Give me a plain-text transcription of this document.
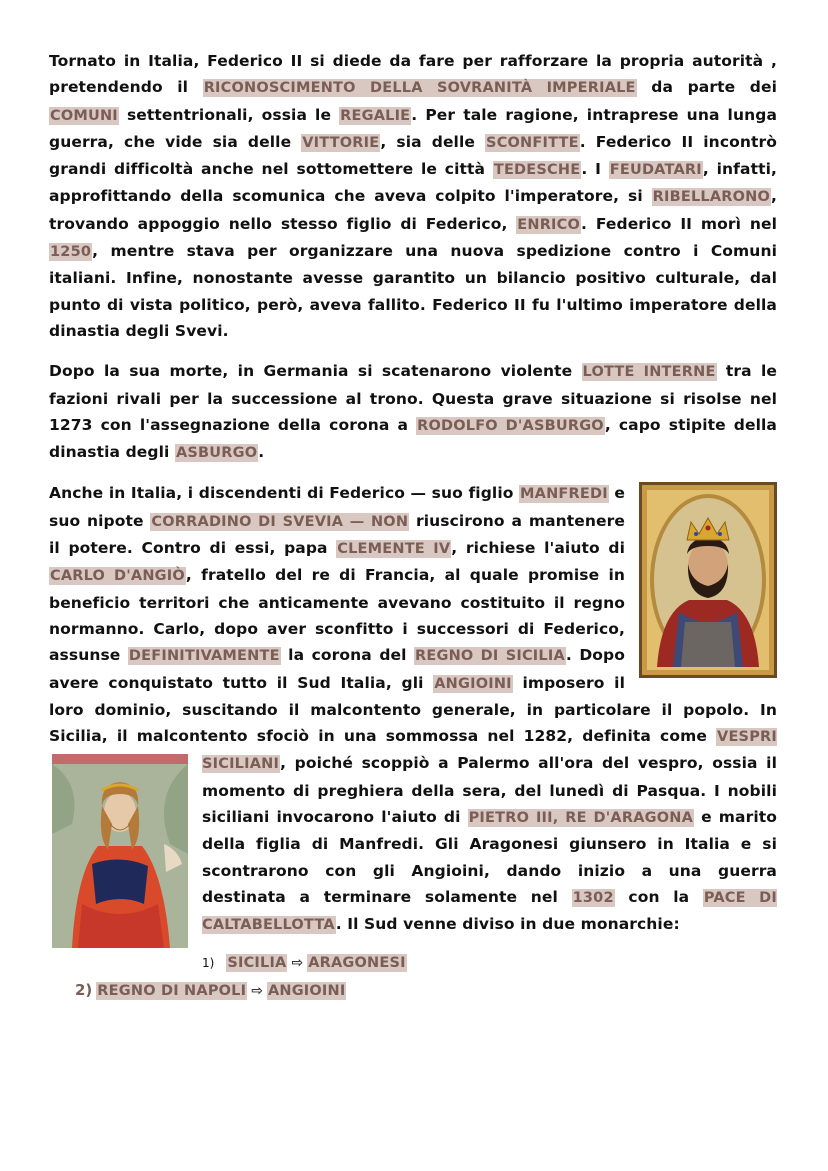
Tornato in Italia, Federico II si diede da fare per rafforzare la propria autorità , pretendendo il RICONOSCIMENTO DELLA SOVRANITÀ IMPERIALE da parte dei COMUNI settentrionali, ossia le REGALIE. Per tale ragione, intraprese una lunga guerra, che vide sia delle VITTORIE, sia delle SCONFITTE. Federico II incontrò grandi difficoltà anche nel sottomettere le città TEDESCHE. I FEUDATARI, infatti, approfittando della scomunica che aveva colpito l'imperatore, si RIBELLARONO, trovando appoggio nello stesso figlio di Federico, ENRICO. Federico II morì nel 1250, mentre stava per organizzare una nuova spedizione contro i Comuni italiani. Infine, nonostante avesse garantito un bilancio positivo culturale, dal punto di vista politico, però, aveva fallito. Federico II fu l'ultimo imperatore della dinastia degli Svevi.

Dopo la sua morte, in Germania si scatenarono violente LOTTE INTERNE tra le fazioni rivali per la successione al trono. Questa grave situazione si risolse nel 1273 con l'assegnazione della corona a RODOLFO D'ASBURGO, capo stipite della dinastia degli ASBURGO.

Anche in Italia, i discendenti di Federico — suo figlio MANFREDI e suo nipote CORRADINO DI SVEVIA — NON riuscirono a mantenere il potere. Contro di essi, papa CLEMENTE IV, richiese l'aiuto di CARLO D'ANGIÒ, fratello del re di Francia, al quale promise in beneficio territori che anticamente avevano costituito il regno normanno. Carlo, dopo aver sconfitto i successori di Federico, assunse DEFINITIVAMENTE la corona del REGNO DI SICILIA. Dopo avere conquistato tutto il Sud Italia, gli ANGIOINI imposero il loro dominio, suscitando il malcontento generale, in particolare il popolo. In Sicilia, il malcontento sfociò in una sommossa nel 1282, definita come
VESPRI SICILIANI, poiché scoppiò a Palermo all'ora del vespro, ossia il momento di preghiera della sera, del lunedì di Pasqua. I nobili siciliani invocarono l'aiuto di PIETRO III, RE D'ARAGONA e marito della figlia di Manfredi. Gli Aragonesi giunsero in Italia e si scontrarono con gli Angioini, dando inizio a una guerra destinata a terminare solamente nel 1302 con la PACE DI CALTABELLOTTA. Il Sud venne diviso in due monarchie:

1) SICILIA ⇨ ARAGONESI
2) REGNO DI NAPOLI ⇨ ANGIOINI
